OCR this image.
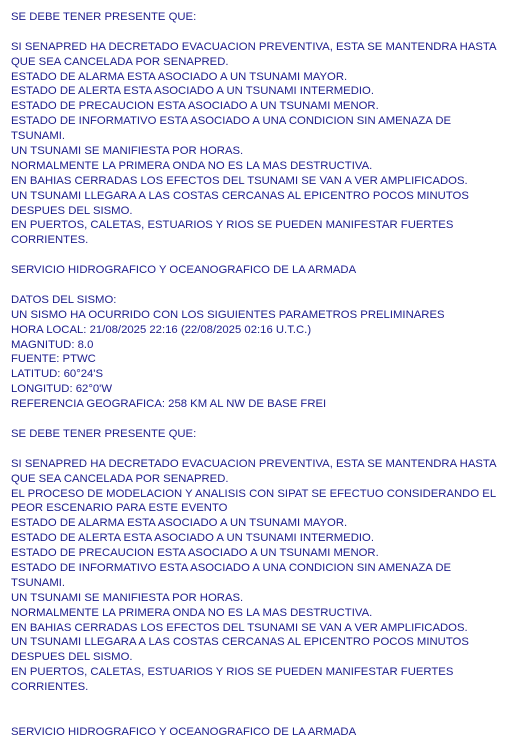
SE DEBE TENER PRESENTE QUE:
SI SENAPRED HA DECRETADO EVACUACION PREVENTIVA, ESTA SE MANTENDRA HASTA
QUE SEA CANCELADA POR SENAPRED.
ESTADO DE ALARMA ESTA ASOCIADO A UN TSUNAMI MAYOR.
ESTADO DE ALERTA ESTA ASOCIADO A UN TSUNAMI INTERMEDIO.
ESTADO DE PRECAUCION ESTA ASOCIADO A UN TSUNAMI MENOR.
ESTADO DE INFORMATIVO ESTA ASOCIADO A UNA CONDICION SIN AMENAZA DE
TSUNAMI.
UN TSUNAMI SE MANIFIESTA POR HORAS.
NORMALMENTE LA PRIMERA ONDA NO ES LA MAS DESTRUCTIVA.
EN BAHIAS CERRADAS LOS EFECTOS DEL TSUNAMI SE VAN A VER AMPLIFICADOS.
UN TSUNAMI LLEGARA A LAS COSTAS CERCANAS AL EPICENTRO POCOS MINUTOS
DESPUES DEL SISMO.
EN PUERTOS, CALETAS, ESTUARIOS Y RIOS SE PUEDEN MANIFESTAR FUERTES
CORRIENTES.
SERVICIO HIDROGRAFICO Y OCEANOGRAFICO DE LA ARMADA
DATOS DEL SISMO:
UN SISMO HA OCURRIDO CON LOS SIGUIENTES PARAMETROS PRELIMINARES
HORA LOCAL: 21/08/2025 22:16 (22/08/2025 02:16 U.T.C.)
MAGNITUD: 8.0
FUENTE: PTWC
LATITUD: 60°24'S
LONGITUD: 62°0'W
REFERENCIA GEOGRAFICA: 258 KM AL NW DE BASE FREI
SE DEBE TENER PRESENTE QUE:
SI SENAPRED HA DECRETADO EVACUACION PREVENTIVA, ESTA SE MANTENDRA HASTA
QUE SEA CANCELADA POR SENAPRED.
EL PROCESO DE MODELACION Y ANALISIS CON SIPAT SE EFECTUO CONSIDERANDO EL
PEOR ESCENARIO PARA ESTE EVENTO
ESTADO DE ALARMA ESTA ASOCIADO A UN TSUNAMI MAYOR.
ESTADO DE ALERTA ESTA ASOCIADO A UN TSUNAMI INTERMEDIO.
ESTADO DE PRECAUCION ESTA ASOCIADO A UN TSUNAMI MENOR.
ESTADO DE INFORMATIVO ESTA ASOCIADO A UNA CONDICION SIN AMENAZA DE
TSUNAMI.
UN TSUNAMI SE MANIFIESTA POR HORAS.
NORMALMENTE LA PRIMERA ONDA NO ES LA MAS DESTRUCTIVA.
EN BAHIAS CERRADAS LOS EFECTOS DEL TSUNAMI SE VAN A VER AMPLIFICADOS.
UN TSUNAMI LLEGARA A LAS COSTAS CERCANAS AL EPICENTRO POCOS MINUTOS
DESPUES DEL SISMO.
EN PUERTOS, CALETAS, ESTUARIOS Y RIOS SE PUEDEN MANIFESTAR FUERTES
CORRIENTES.
SERVICIO HIDROGRAFICO Y OCEANOGRAFICO DE LA ARMADA
